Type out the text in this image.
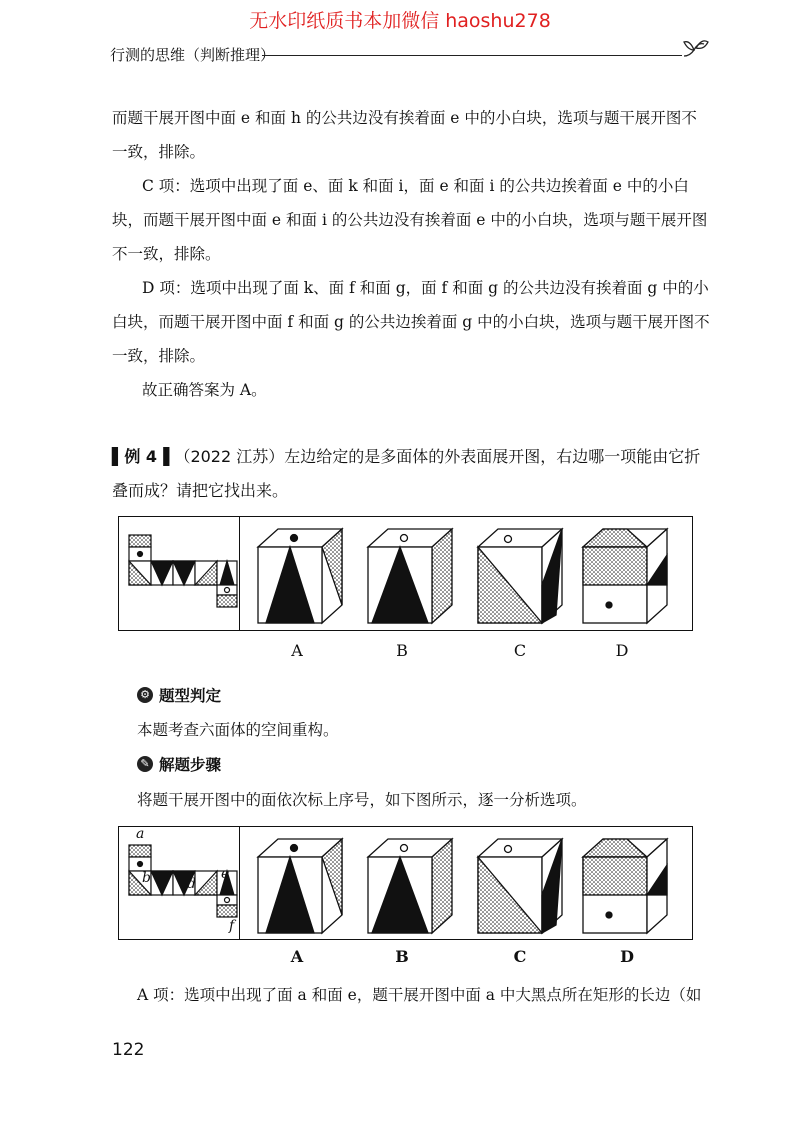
无水印纸质书本加微信 haoshu278
行测的思维（判断推理）

而题干展开图中面 e 和面 h 的公共边没有挨着面 e 中的小白块，选项与题干展开图不一致，排除。

C 项：选项中出现了面 e、面 k 和面 i，面 e 和面 i 的公共边挨着面 e 中的小白块，而题干展开图中面 e 和面 i 的公共边没有挨着面 e 中的小白块，选项与题干展开图不一致，排除。

D 项：选项中出现了面 k、面 f 和面 g，面 f 和面 g 的公共边没有挨着面 g 中的小白块，而题干展开图中面 f 和面 g 的公共边挨着面 g 中的小白块，选项与题干展开图不一致，排除。

故正确答案为 A。

▌例 4▐ （2022 江苏）左边给定的是多面体的外表面展开图，右边哪一项能由它折叠而成？请把它找出来。
A	B	C	D
⚙ 题型判定
本题考查六面体的空间重构。
✎ 解题步骤
将题干展开图中的面依次标上序号，如下图所示，逐一分析选项。
a
b	d
e
f
A	B	C	D
A 项：选项中出现了面 a 和面 e，题干展开图中面 a 中大黑点所在矩形的长边（如
122
